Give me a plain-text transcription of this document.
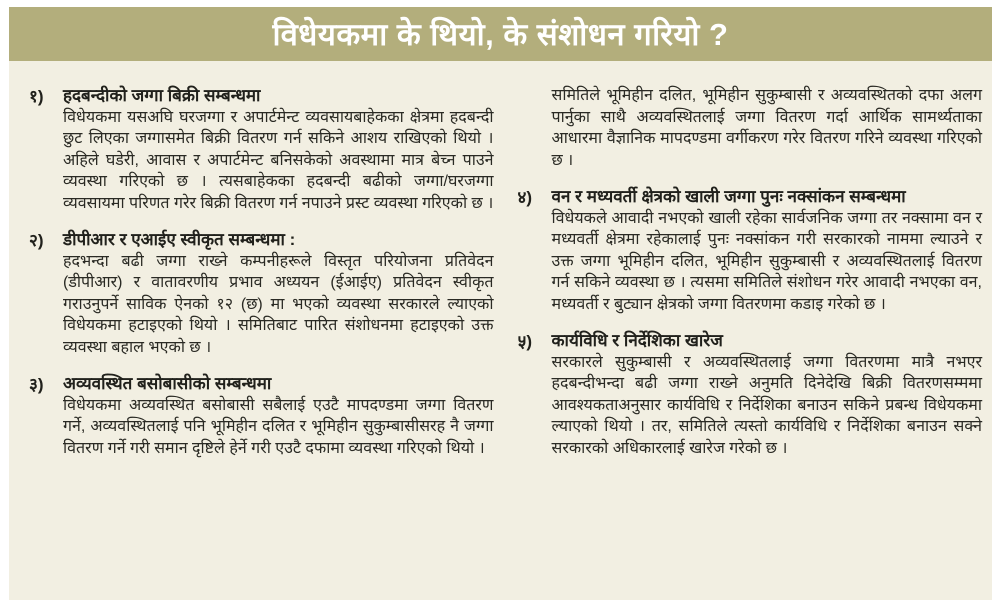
विधेयकमा के थियो, के संशोधन गरियो ?
१)	हदबन्दीको जग्गा बिक्री सम्बन्धमा
विधेयकमा यसअघि घरजग्गा र अपार्टमेन्ट व्यवसायबाहेकका क्षेत्रमा हदबन्दी छुट लिएका जग्गासमेत बिक्री वितरण गर्न सकिने आशय राखिएको थियो । अहिले घडेरी, आवास र अपार्टमेन्ट बनिसकेको अवस्थामा मात्र बेच्न पाउने व्यवस्था गरिएको छ । त्यसबाहेकका हदबन्दी बढीको जग्गा/घरजग्गा व्यवसायमा परिणत गरेर बिक्री वितरण गर्न नपाउने प्रस्ट व्यवस्था गरिएको छ ।
२)	डीपीआर र एआईए स्वीकृत सम्बन्धमा :
हदभन्दा बढी जग्गा राख्ने कम्पनीहरूले विस्तृत परियोजना प्रतिवेदन (डीपीआर) र वातावरणीय प्रभाव अध्ययन (ईआईए) प्रतिवेदन स्वीकृत गराउनुपर्ने साविक ऐनको १२ (छ) मा भएको व्यवस्था सरकारले ल्याएको विधेयकमा हटाइएको थियो । समितिबाट पारित संशोधनमा हटाइएको उक्त व्यवस्था बहाल भएको छ ।
३)	अव्यवस्थित बसोबासीको सम्बन्धमा
विधेयकमा अव्यवस्थित बसोबासी सबैलाई एउटै मापदण्डमा जग्गा वितरण गर्ने, अव्यवस्थितलाई पनि भूमिहीन दलित र भूमिहीन सुकुम्बासीसरह नै जग्गा वितरण गर्ने गरी समान दृष्टिले हेर्ने गरी एउटै दफामा व्यवस्था गरिएको थियो ।
समितिले भूमिहीन दलित, भूमिहीन सुकुम्बासी र अव्यवस्थितको दफा अलग पार्नुका साथै अव्यवस्थितलाई जग्गा वितरण गर्दा आर्थिक सामर्थ्यताका आधारमा वैज्ञानिक मापदण्डमा वर्गीकरण गरेर वितरण गरिने व्यवस्था गरिएको छ ।
४)	वन र मध्यवर्ती क्षेत्रको खाली जग्गा पुनः नक्सांकन सम्बन्धमा
विधेयकले आवादी नभएको खाली रहेका सार्वजनिक जग्गा तर नक्सामा वन र मध्यवर्ती क्षेत्रमा रहेकालाई पुनः नक्सांकन गरी सरकारको नाममा ल्याउने र उक्त जग्गा भूमिहीन दलित, भूमिहीन सुकुम्बासी र अव्यवस्थितलाई वितरण गर्न सकिने व्यवस्था छ । त्यसमा समितिले संशोधन गरेर आवादी नभएका वन, मध्यवर्ती र बुट्यान क्षेत्रको जग्गा वितरणमा कडाइ गरेको छ ।
५)	कार्यविधि र निर्देशिका खारेज
सरकारले सुकुम्बासी र अव्यवस्थितलाई जग्गा वितरणमा मात्रै नभएर हदबन्दीभन्दा बढी जग्गा राख्ने अनुमति दिनेदेखि बिक्री वितरणसम्ममा आवश्यकताअनुसार कार्यविधि र निर्देशिका बनाउन सकिने प्रबन्ध विधेयकमा ल्याएको थियो । तर, समितिले त्यस्तो कार्यविधि र निर्देशिका बनाउन सक्ने सरकारको अधिकारलाई खारेज गरेको छ ।
